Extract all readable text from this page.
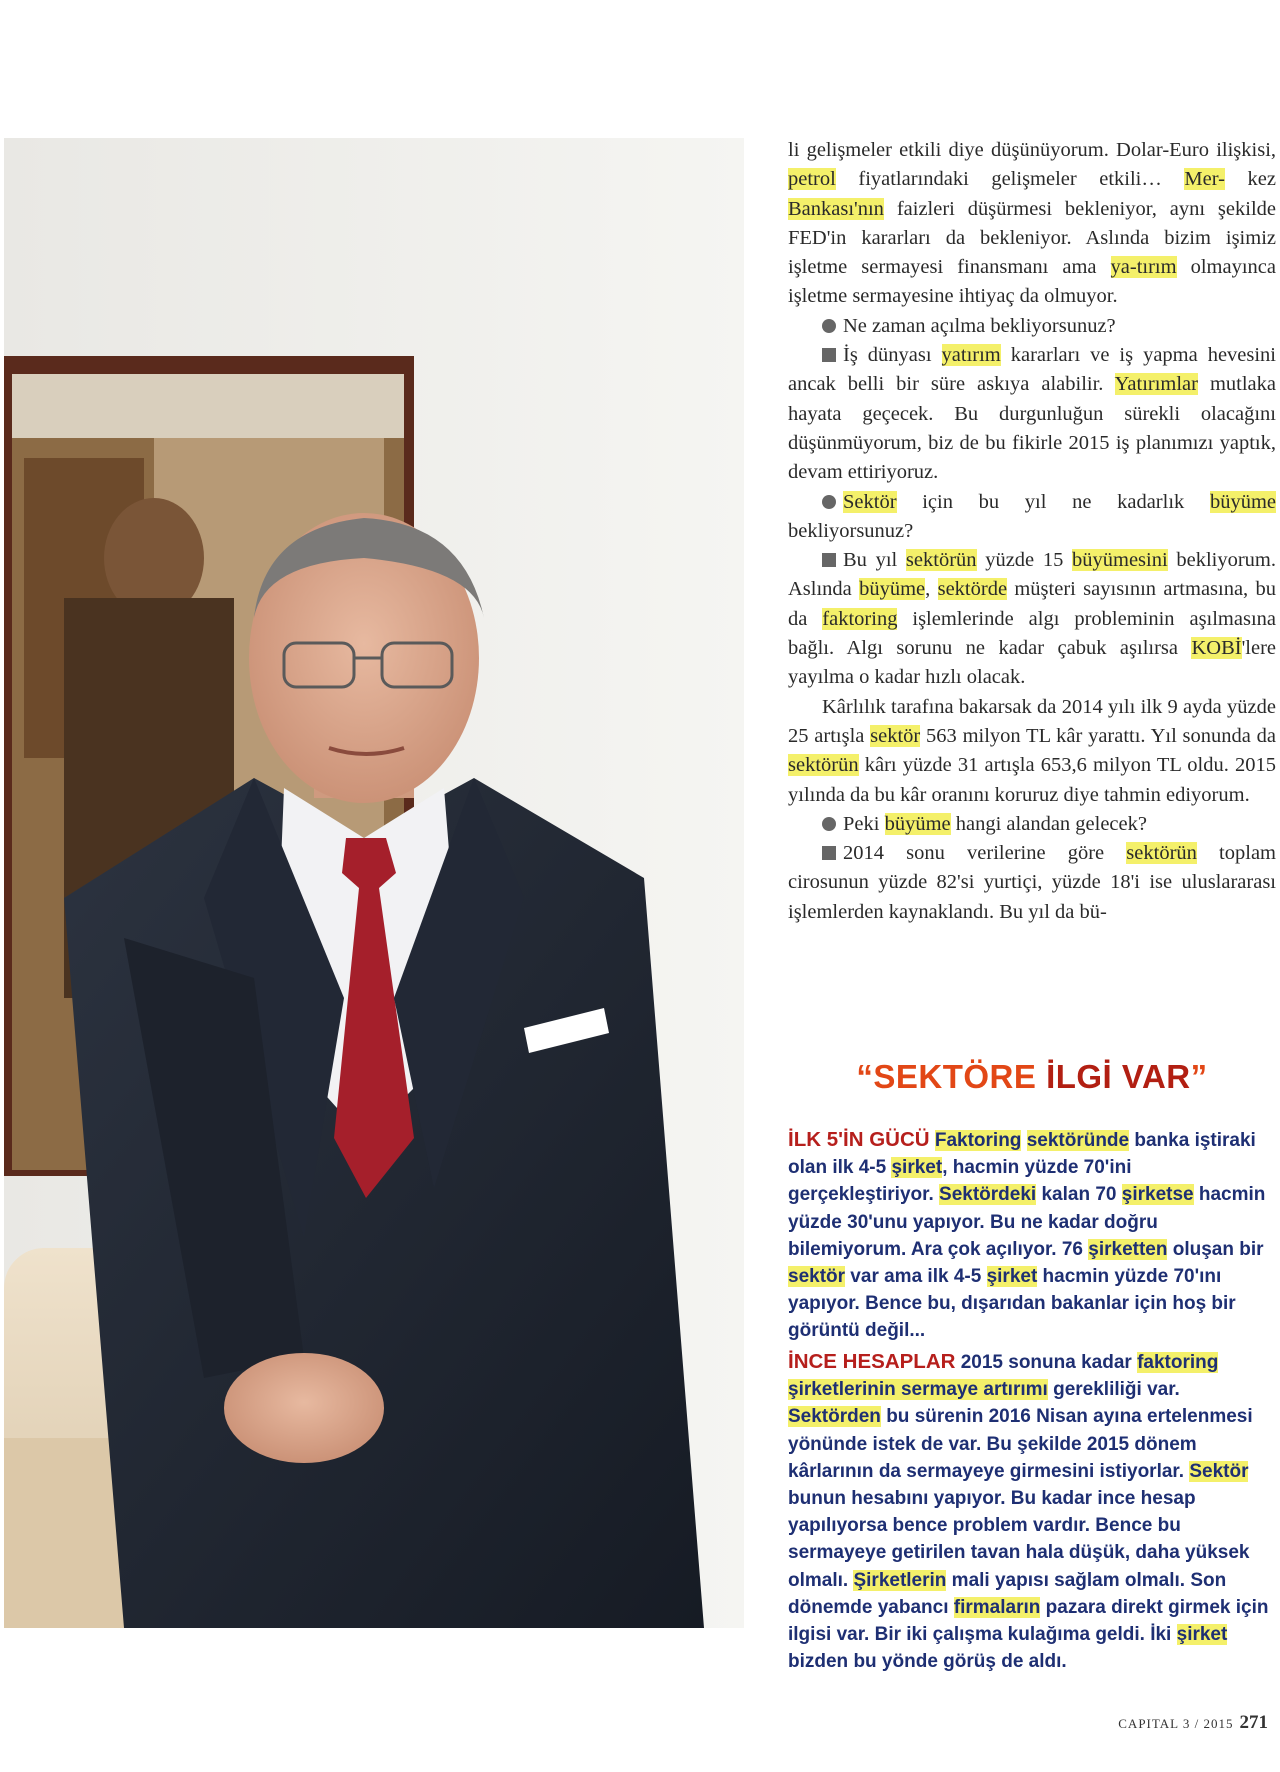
li gelişmeler etkili diye düşünüyorum. Dolar-Euro ilişkisi, petrol fiyatlarındaki gelişmeler etkili… Mer- kez Bankası'nın faizleri düşürmesi bekleniyor, aynı şekilde FED'in kararları da bekleniyor. Aslında bizim işimiz işletme sermayesi finansmanı ama ya-tırım olmayınca işletme sermayesine ihtiyaç da olmuyor.

Ne zaman açılma bekliyorsunuz?

İş dünyası yatırım kararları ve iş yapma hevesini ancak belli bir süre askıya alabilir. Yatırımlar mutlaka hayata geçecek. Bu durgunluğun sürekli olacağını düşünmüyorum, biz de bu fikirle 2015 iş planımızı yaptık, devam ettiriyoruz.

Sektör için bu yıl ne kadarlık büyüme bekliyorsunuz?

Bu yıl sektörün yüzde 15 büyümesini bekliyorum. Aslında büyüme, sektörde müşteri sayısının artmasına, bu da faktoring işlemlerinde algı probleminin aşılmasına bağlı. Algı sorunu ne kadar çabuk aşılırsa KOBİ'lere yayılma o kadar hızlı olacak.

Kârlılık tarafına bakarsak da 2014 yılı ilk 9 ayda yüzde 25 artışla sektör 563 milyon TL kâr yarattı. Yıl sonunda da sektörün kârı yüzde 31 artışla 653,6 milyon TL oldu. 2015 yılında da bu kâr oranını koruruz diye tahmin ediyorum.

Peki büyüme hangi alandan gelecek?

2014 sonu verilerine göre sektörün toplam cirosunun yüzde 82'si yurtiçi, yüzde 18'i ise uluslararası işlemlerden kaynaklandı. Bu yıl da bü-

“SEKTÖRE İLGİ VAR”

İLK 5'İN GÜCÜ Faktoring sektöründe banka iştiraki olan ilk 4-5 şirket, hacmin yüzde 70'ini gerçekleştiriyor. Sektördeki kalan 70 şirketse hacmin yüzde 30'unu yapıyor. Bu ne kadar doğru bilemiyorum. Ara çok açılıyor. 76 şirketten oluşan bir sektör var ama ilk 4-5 şirket hacmin yüzde 70'ını yapıyor. Bence bu, dışarıdan bakanlar için hoş bir görüntü değil...

İNCE HESAPLAR 2015 sonuna kadar faktoring şirketlerinin sermaye artırımı gerekliliği var. Sektörden bu sürenin 2016 Nisan ayına ertelenmesi yönünde istek de var. Bu şekilde 2015 dönem kârlarının da sermayeye girmesini istiyorlar. Sektör bunun hesabını yapıyor. Bu kadar ince hesap yapılıyorsa bence problem vardır. Bence bu sermayeye getirilen tavan hala düşük, daha yüksek olmalı. Şirketlerin mali yapısı sağlam olmalı. Son dönemde yabancı firmaların pazara direkt girmek için ilgisi var. Bir iki çalışma kulağıma geldi. İki şirket bizden bu yönde görüş de aldı.

CAPITAL 3 / 2015 271
